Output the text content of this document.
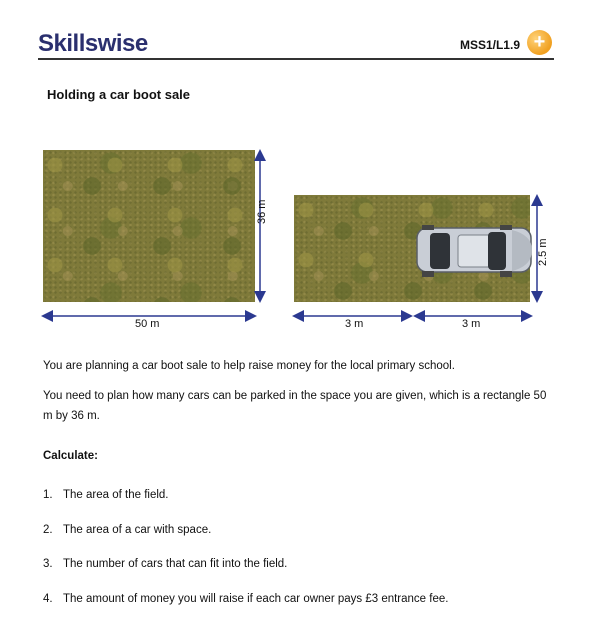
Skillswise	MSS1/L1.9 +
Holding a car boot sale
36 m
50 m	3 m	3 m
2.5 m

You are planning a car boot sale to help raise money for the local primary school.

You need to plan how many cars can be parked in the space you are given, which is a rectangle 50 m by 36 m.

Calculate:

1. The area of the field.
2. The area of a car with space.
3. The number of cars that can fit into the field.
4. The amount of money you will raise if each car owner pays £3 entrance fee.
